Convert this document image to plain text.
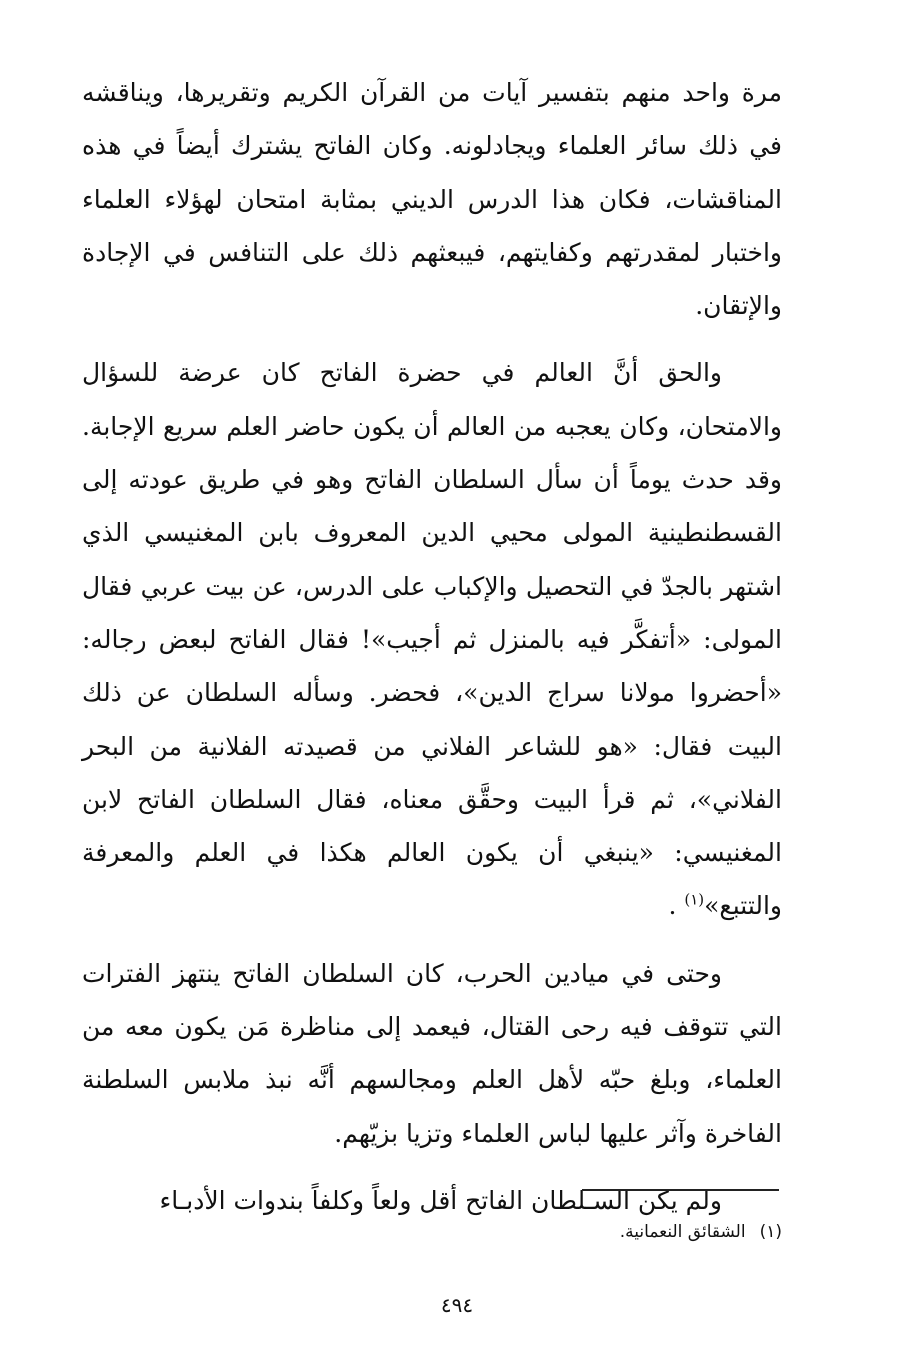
مرة واحد منهم بتفسير آيات من القرآن الكريم وتقريرها، ويناقشه في ذلك سائر العلماء ويجادلونه. وكان الفاتح يشترك أيضاً في هذه المناقشات، فكان هذا الدرس الديني بمثابة امتحان لهؤلاء العلماء واختبار لمقدرتهم وكفايتهم، فيبعثهم ذلك على التنافس في الإجادة والإتقان.

والحق أنَّ العالم في حضرة الفاتح كان عرضة للسؤال والامتحان، وكان يعجبه من العالم أن يكون حاضر العلم سريع الإجابة. وقد حدث يوماً أن سأل السلطان الفاتح وهو في طريق عودته إلى القسطنطينية المولى محيي الدين المعروف بابن المغنيسي الذي اشتهر بالجدّ في التحصيل والإكباب على الدرس، عن بيت عربي فقال المولى: «أتفكَّر فيه بالمنزل ثم أجيب»! فقال الفاتح لبعض رجاله: «أحضروا مولانا سراج الدين»، فحضر. وسأله السلطان عن ذلك البيت فقال: «هو للشاعر الفلاني من قصيدته الفلانية من البحر الفلاني»، ثم قرأ البيت وحقَّق معناه، فقال السلطان الفاتح لابن المغنيسي: «ينبغي أن يكون العالم هكذا في العلم والمعرفة والتتبع»$^{(١)}$ .

وحتى في ميادين الحرب، كان السلطان الفاتح ينتهز الفترات التي تتوقف فيه رحى القتال، فيعمد إلى مناظرة مَن يكون معه من العلماء، وبلغ حبّه لأهل العلم ومجالسهم أنَّه نبذ ملابس السلطنة الفاخرة وآثر عليها لباس العلماء وتزيا بزيّهم.

ولم يكن السـلطان الفاتح أقل ولعاً وكلفاً بندوات الأدبـاء

(١)الشقائق النعمانية.
٤٩٤
